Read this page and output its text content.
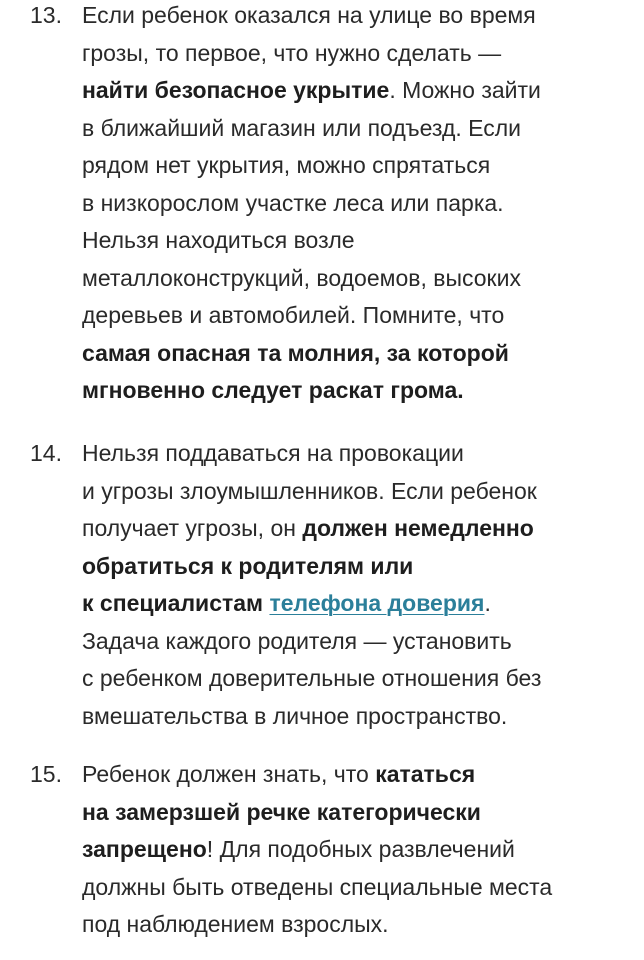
13. Если ребенок оказался на улице во время
грозы, то первое, что нужно сделать —
найти безопасное укрытие. Можно зайти
в ближайший магазин или подъезд. Если
рядом нет укрытия, можно спрятаться
в низкорослом участке леса или парка.
Нельзя находиться возле
металлоконструкций, водоемов, высоких
деревьев и автомобилей. Помните, что
самая опасная та молния, за которой
мгновенно следует раскат грома.
14. Нельзя поддаваться на провокации
и угрозы злоумышленников. Если ребенок
получает угрозы, он должен немедленно
обратиться к родителям или
к специалистам телефона доверия.
Задача каждого родителя — установить
с ребенком доверительные отношения без
вмешательства в личное пространство.
15. Ребенок должен знать, что кататься
на замерзшей речке категорически
запрещено! Для подобных развлечений
должны быть отведены специальные места
под наблюдением взрослых.
